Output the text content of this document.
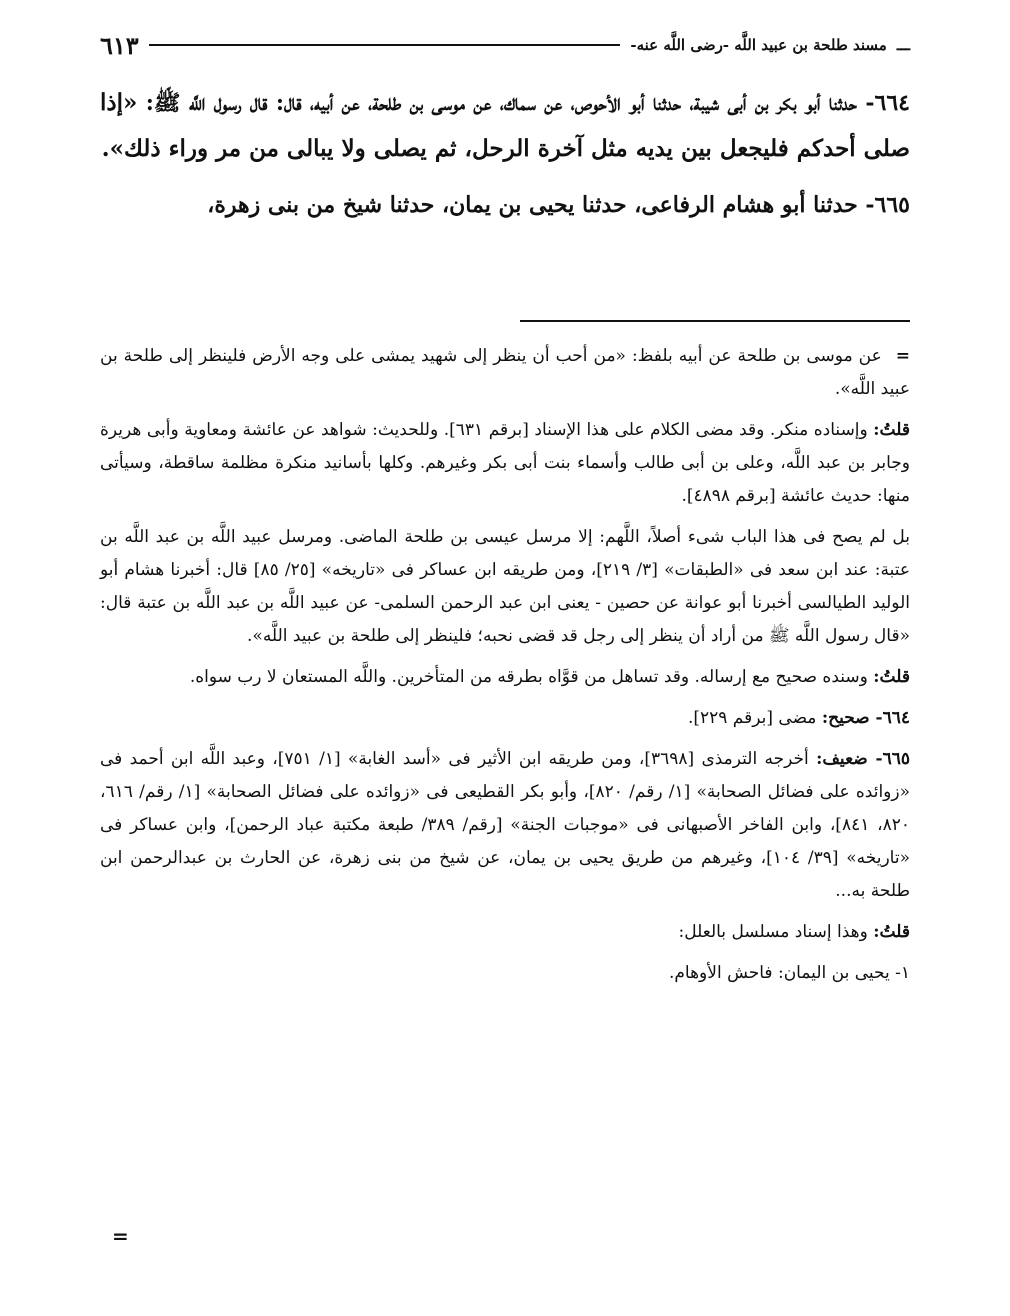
ـــ
مسند طلحة بن عبيد اللَّه -رضى اللَّه عنه-
٦١٣

٦٦٤- حدثنا أبو بكر بن أبى شيبة، حدثنا أبو الأحوص، عن سماك، عن موسى بن طلحة، عن أبيه، قال: قال رسول اللَّه ﷺ: «إذا صلى أحدكم فليجعل بين يديه مثل آخرة الرحل، ثم يصلى ولا يبالى من مر وراء ذلك».

٦٦٥- حدثنا أبو هشام الرفاعى، حدثنا يحيى بن يمان، حدثنا شيخ من بنى زهرة،

= عن موسى بن طلحة عن أبيه بلفظ: «من أحب أن ينظر إلى شهيد يمشى على وجه الأرض فلينظر إلى طلحة بن عبيد اللَّه».

قلتُ: وإسناده منكر. وقد مضى الكلام على هذا الإسناد [برقم ٦٣١]. وللحديث: شواهد عن عائشة ومعاوية وأبى هريرة وجابر بن عبد اللَّه، وعلى بن أبى طالب وأسماء بنت أبى بكر وغيرهم. وكلها بأسانيد منكرة مظلمة ساقطة، وسيأتى منها: حديث عائشة [برقم ٤٨٩٨].

بل لم يصح فى هذا الباب شىء أصلاً، اللَّهم: إلا مرسل عيسى بن طلحة الماضى. ومرسل عبيد اللَّه بن عبد اللَّه بن عتبة: عند ابن سعد فى «الطبقات» [٣/ ٢١٩]، ومن طريقه ابن عساكر فى «تاريخه» [٢٥/ ٨٥] قال: أخبرنا هشام أبو الوليد الطيالسى أخبرنا أبو عوانة عن حصين - يعنى ابن عبد الرحمن السلمى- عن عبيد اللَّه بن عبد اللَّه بن عتبة قال: «قال رسول اللَّه ﷺ من أراد أن ينظر إلى رجل قد قضى نحبه؛ فلينظر إلى طلحة بن عبيد اللَّه».

قلتُ: وسنده صحيح مع إرساله. وقد تساهل من قوَّاه بطرقه من المتأخرين. واللَّه المستعان لا رب سواه.

٦٦٤- صحيح: مضى [برقم ٢٢٩].

٦٦٥- ضعيف: أخرجه الترمذى [٣٦٩٨]، ومن طريقه ابن الأثير فى «أسد الغابة» [١/ ٧٥١]، وعبد اللَّه ابن أحمد فى «زوائده على فضائل الصحابة» [١/ رقم/ ٨٢٠]، وأبو بكر القطيعى فى «زوائده على فضائل الصحابة» [١/ رقم/ ٦١٦، ٨٢٠، ٨٤١]، وابن الفاخر الأصبهانى فى «موجبات الجنة» [رقم/ ٣٨٩/ طبعة مكتبة عباد الرحمن]، وابن عساكر فى «تاريخه» [٣٩/ ١٠٤]، وغيرهم من طريق يحيى بن يمان، عن شيخ من بنى زهرة، عن الحارث بن عبدالرحمن ابن طلحة به...

قلتُ: وهذا إسناد مسلسل بالعلل:

١- يحيى بن اليمان: فاحش الأوهام.

=
